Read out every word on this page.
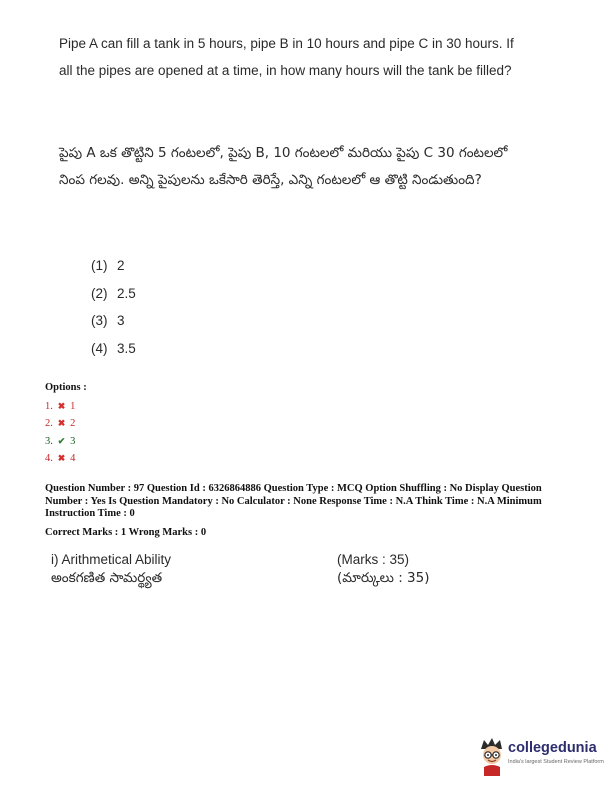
Pipe A can fill a tank in 5 hours, pipe B in 10 hours and pipe C in 30 hours. If all the pipes are opened at a time, in how many hours will the tank be filled?
పైపు A ఒక తొట్టిని 5 గంటలలో, పైపు B, 10 గంటలలో మరియు పైపు C 30 గంటలలో నింప గలవు. అన్ని పైపులను ఒకేసారి తెరిస్తే, ఎన్ని గంటలలో ఆ తొట్టి నిండుతుంది?
(1) 2
(2) 2.5
(3) 3
(4) 3.5
Options :
1. ✖ 1
2. ✖ 2
3. ✔ 3
4. ✖ 4
Question Number : 97 Question Id : 6326864886 Question Type : MCQ Option Shuffling : No Display Question Number : Yes Is Question Mandatory : No Calculator : None Response Time : N.A Think Time : N.A Minimum Instruction Time : 0
Correct Marks : 1 Wrong Marks : 0
i) Arithmetical Ability	(Marks : 35)
అంకగణిత సామర్థ్యత	(మార్కులు : 35)
collegedunia
India's largest Student Review Platform
